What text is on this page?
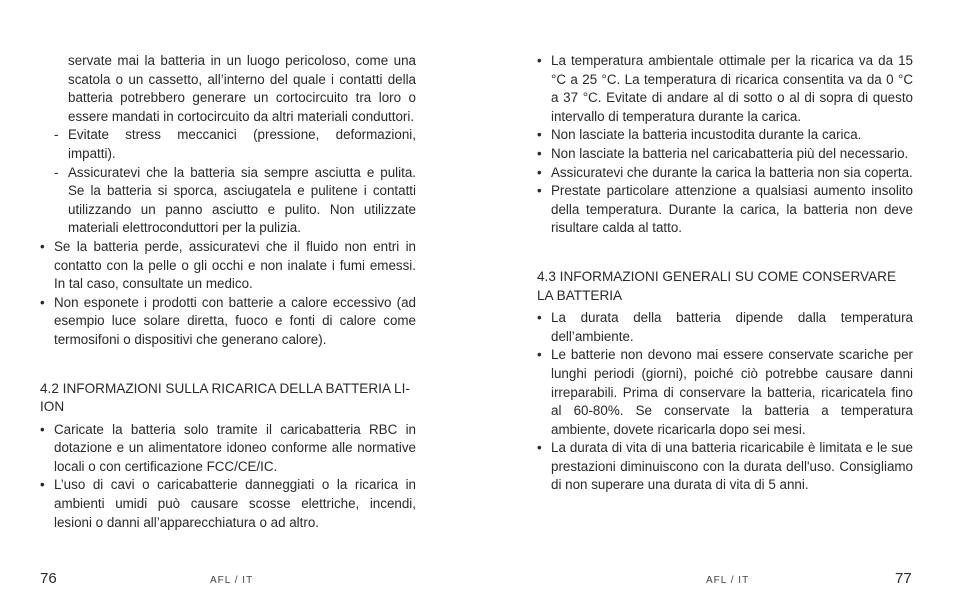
servate mai la batteria in un luogo pericoloso, come una scatola o un cassetto, all’interno del quale i contatti della batteria potrebbero generare un cortocircuito tra loro o essere mandati in cortocircuito da altri materiali conduttori.

- Evitate stress meccanici (pressione, deformazioni, impatti).

- Assicuratevi che la batteria sia sempre asciutta e pulita. Se la batteria si sporca, asciugatela e pulitene i contatti utilizzando un panno asciutto e pulito. Non utilizzate materiali elettroconduttori per la pulizia.

• Se la batteria perde, assicuratevi che il fluido non entri in contatto con la pelle o gli occhi e non inalate i fumi emessi. In tal caso, consultate un medico.

• Non esponete i prodotti con batterie a calore eccessivo (ad esempio luce solare diretta, fuoco e fonti di calore come termosifoni o dispositivi che generano calore).

4.2 INFORMAZIONI SULLA RICARICA DELLA BATTERIA LI-ION

• Caricate la batteria solo tramite il caricabatteria RBC in dotazione e un alimentatore idoneo conforme alle normative locali o con certificazione FCC/CE/IC.

• L’uso di cavi o caricabatterie danneggiati o la ricarica in ambienti umidi può causare scosse elettriche, incendi, lesioni o danni all’apparecchiatura o ad altro.

76	AFL / IT

• La temperatura ambientale ottimale per la ricarica va da 15 °C a 25 °C. La temperatura di ricarica consentita va da 0 °C a 37 °C. Evitate di andare al di sotto o al di sopra di questo intervallo di temperatura durante la carica.

• Non lasciate la batteria incustodita durante la carica.

• Non lasciate la batteria nel caricabatteria più del necessario.

• Assicuratevi che durante la carica la batteria non sia coperta.

• Prestate particolare attenzione a qualsiasi aumento insolito della temperatura. Durante la carica, la batteria non deve risultare calda al tatto.

4.3 INFORMAZIONI GENERALI SU COME CONSERVARE LA BATTERIA

• La durata della batteria dipende dalla temperatura dell’ambiente.

• Le batterie non devono mai essere conservate scariche per lunghi periodi (giorni), poiché ciò potrebbe causare danni irreparabili. Prima di conservare la batteria, ricaricatela fino al 60-80%. Se conservate la batteria a temperatura ambiente, dovete ricaricarla dopo sei mesi.

• La durata di vita di una batteria ricaricabile è limitata e le sue prestazioni diminuiscono con la durata dell'uso. Consigliamo di non superare una durata di vita di 5 anni.

AFL / IT	77
